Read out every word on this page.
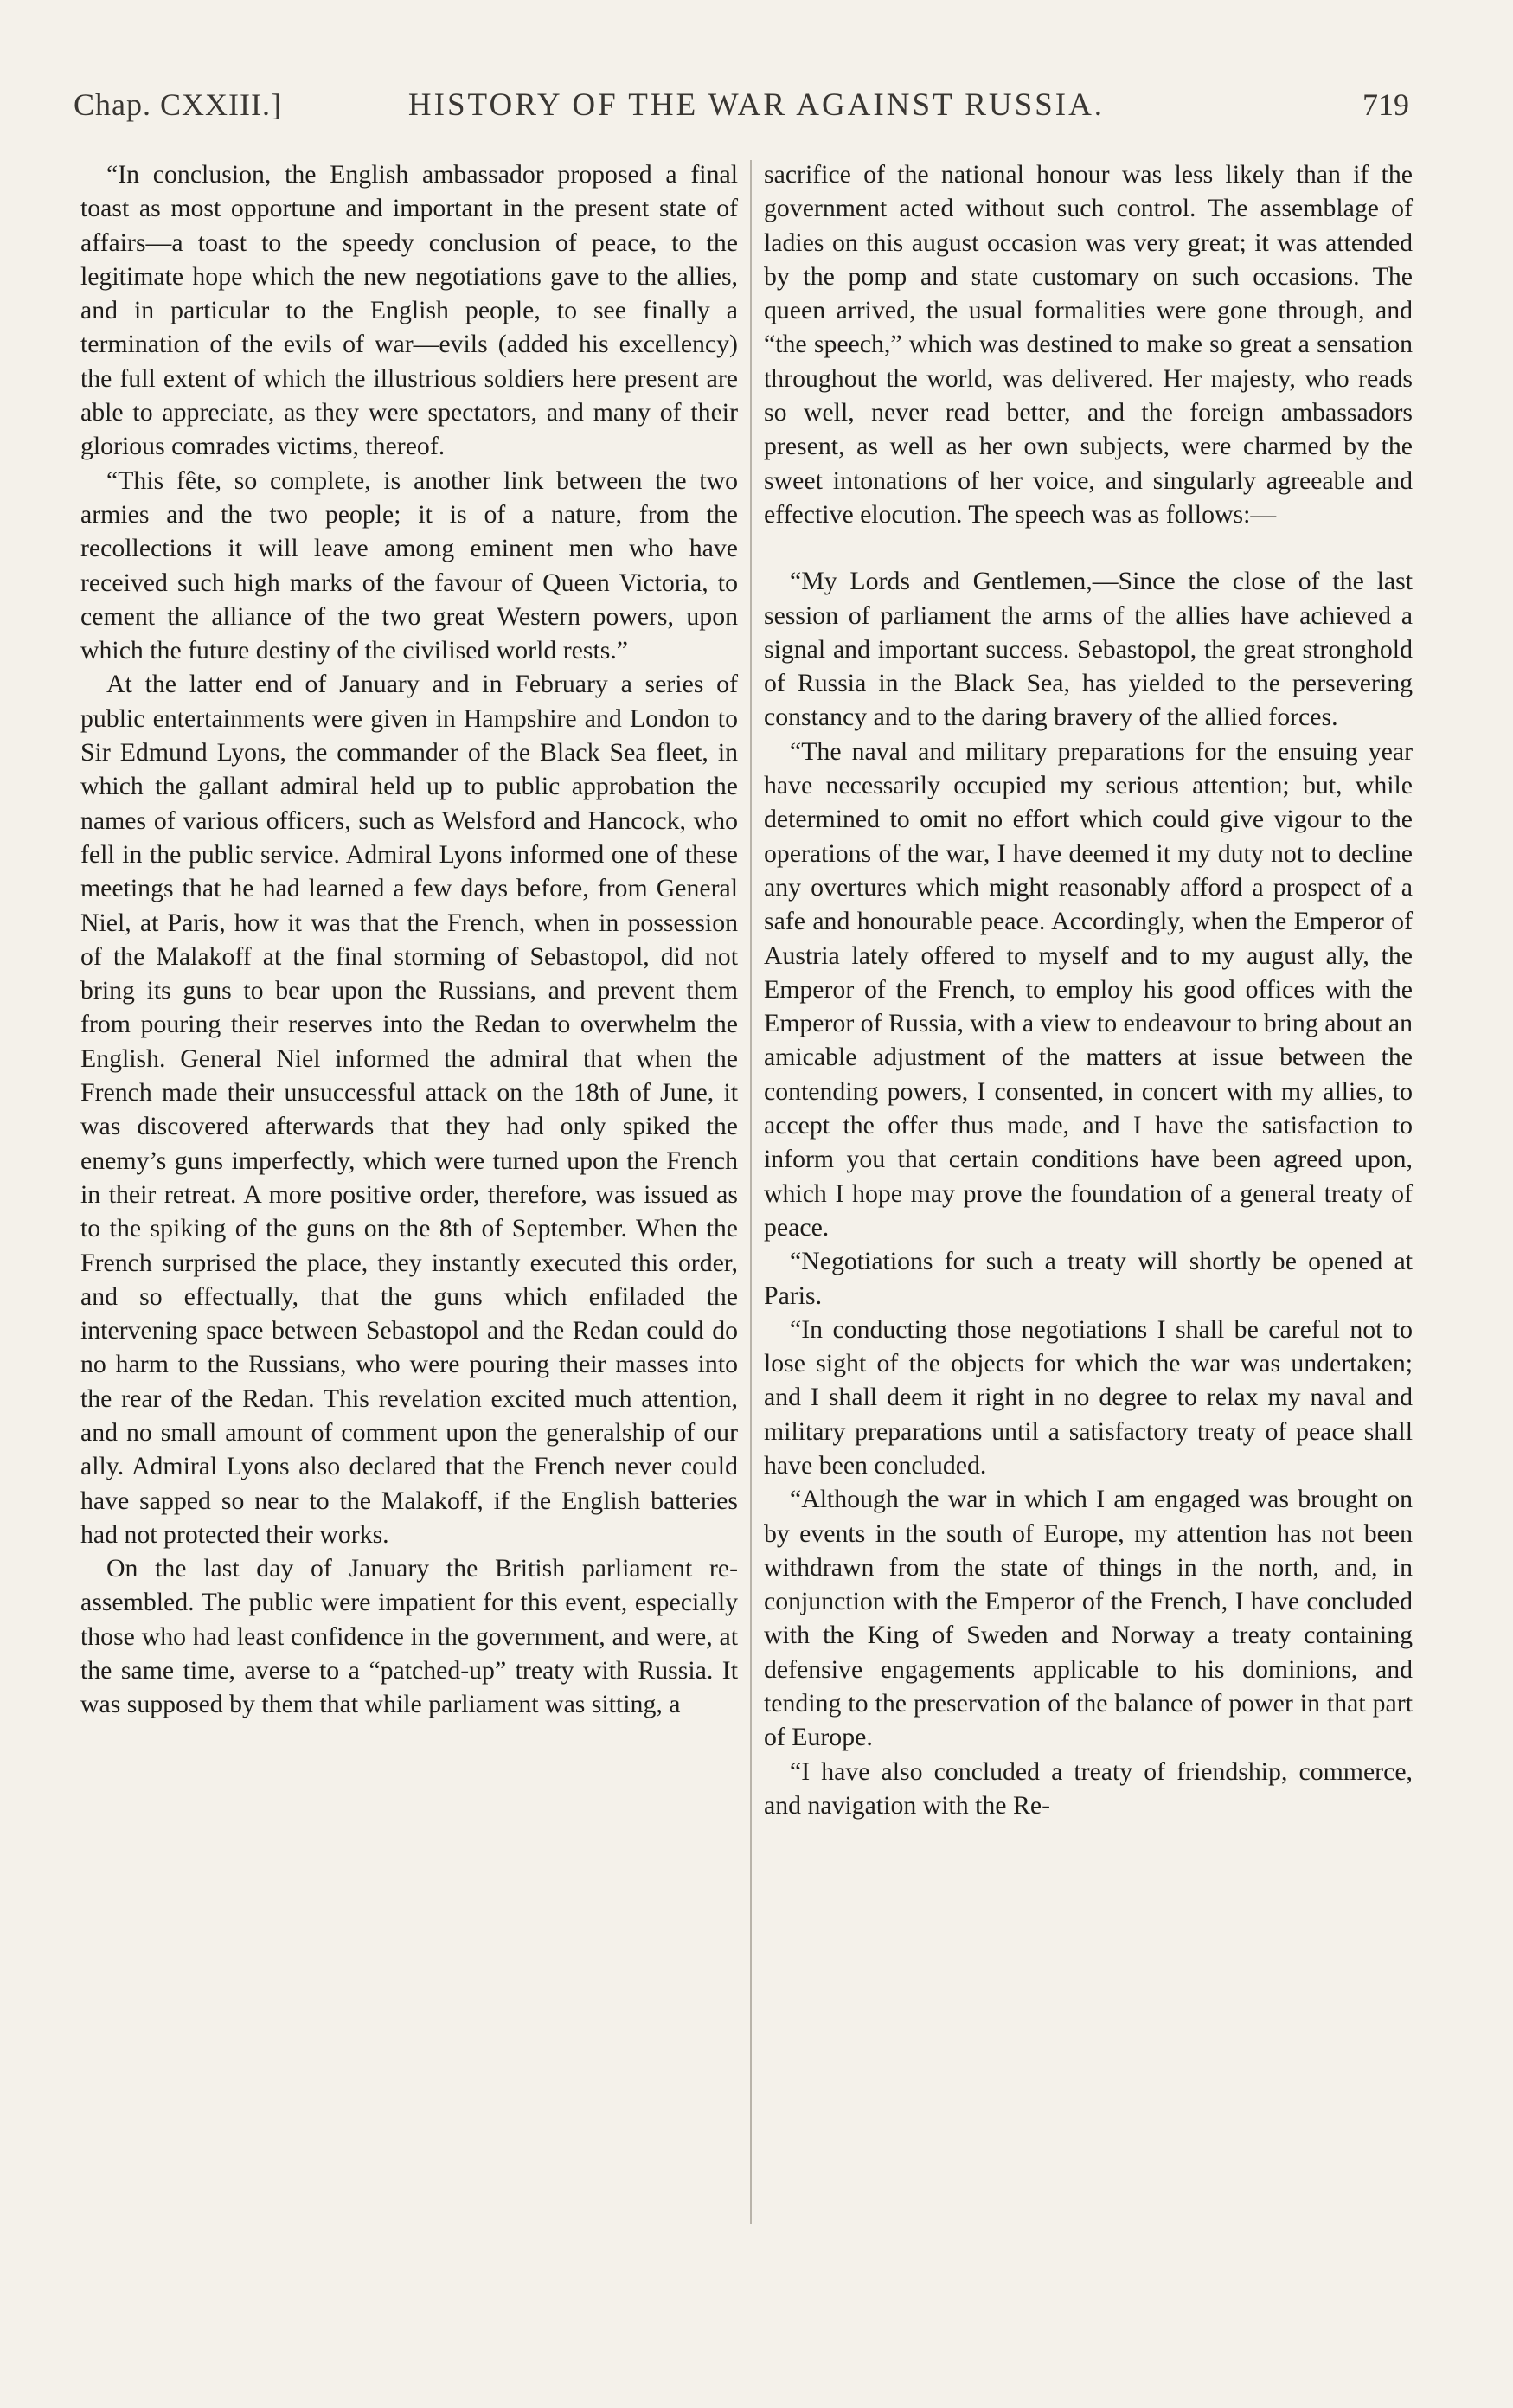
Chap. CXXIII.]	HISTORY OF THE WAR AGAINST RUSSIA.	719

“In conclusion, the English ambassador proposed a final toast as most opportune and important in the present state of affairs—a toast to the speedy conclusion of peace, to the legitimate hope which the new negotiations gave to the allies, and in particular to the English people, to see finally a termination of the evils of war—evils (added his excellency) the full extent of which the illustrious soldiers here present are able to appreciate, as they were spectators, and many of their glorious comrades victims, thereof.

“This fête, so complete, is another link between the two armies and the two people; it is of a nature, from the recollections it will leave among eminent men who have received such high marks of the favour of Queen Victoria, to cement the alliance of the two great Western powers, upon which the future destiny of the civilised world rests.”

At the latter end of January and in February a series of public entertainments were given in Hampshire and London to Sir Edmund Lyons, the commander of the Black Sea fleet, in which the gallant admiral held up to public approbation the names of various officers, such as Welsford and Hancock, who fell in the public service. Admiral Lyons informed one of these meetings that he had learned a few days before, from General Niel, at Paris, how it was that the French, when in possession of the Malakoff at the final storming of Sebastopol, did not bring its guns to bear upon the Russians, and prevent them from pouring their reserves into the Redan to overwhelm the English. General Niel informed the admiral that when the French made their unsuccessful attack on the 18th of June, it was discovered afterwards that they had only spiked the enemy’s guns imperfectly, which were turned upon the French in their retreat. A more positive order, therefore, was issued as to the spiking of the guns on the 8th of September. When the French surprised the place, they instantly executed this order, and so effectually, that the guns which enfiladed the intervening space between Sebastopol and the Redan could do no harm to the Russians, who were pouring their masses into the rear of the Redan. This revelation excited much attention, and no small amount of comment upon the generalship of our ally. Admiral Lyons also declared that the French never could have sapped so near to the Malakoff, if the English batteries had not protected their works.

On the last day of January the British parliament re-assembled. The public were impatient for this event, especially those who had least confidence in the government, and were, at the same time, averse to a “patched-up” treaty with Russia. It was supposed by them that while parliament was sitting, a

sacrifice of the national honour was less likely than if the government acted without such control. The assemblage of ladies on this august occasion was very great; it was attended by the pomp and state customary on such occasions. The queen arrived, the usual formalities were gone through, and “the speech,” which was destined to make so great a sensation throughout the world, was delivered. Her majesty, who reads so well, never read better, and the foreign ambassadors present, as well as her own subjects, were charmed by the sweet intonations of her voice, and singularly agreeable and effective elocution. The speech was as follows:—

“My Lords and Gentlemen,—Since the close of the last session of parliament the arms of the allies have achieved a signal and important success. Sebastopol, the great stronghold of Russia in the Black Sea, has yielded to the persevering constancy and to the daring bravery of the allied forces.

“The naval and military preparations for the ensuing year have necessarily occupied my serious attention; but, while determined to omit no effort which could give vigour to the operations of the war, I have deemed it my duty not to decline any overtures which might reasonably afford a prospect of a safe and honourable peace. Accordingly, when the Emperor of Austria lately offered to myself and to my august ally, the Emperor of the French, to employ his good offices with the Emperor of Russia, with a view to endeavour to bring about an amicable adjustment of the matters at issue between the contending powers, I consented, in concert with my allies, to accept the offer thus made, and I have the satisfaction to inform you that certain conditions have been agreed upon, which I hope may prove the foundation of a general treaty of peace.

“Negotiations for such a treaty will shortly be opened at Paris.

“In conducting those negotiations I shall be careful not to lose sight of the objects for which the war was undertaken; and I shall deem it right in no degree to relax my naval and military preparations until a satisfactory treaty of peace shall have been concluded.

“Although the war in which I am engaged was brought on by events in the south of Europe, my attention has not been withdrawn from the state of things in the north, and, in conjunction with the Emperor of the French, I have concluded with the King of Sweden and Norway a treaty containing defensive engagements applicable to his dominions, and tending to the preservation of the balance of power in that part of Europe.

“I have also concluded a treaty of friendship, commerce, and navigation with the Re-
